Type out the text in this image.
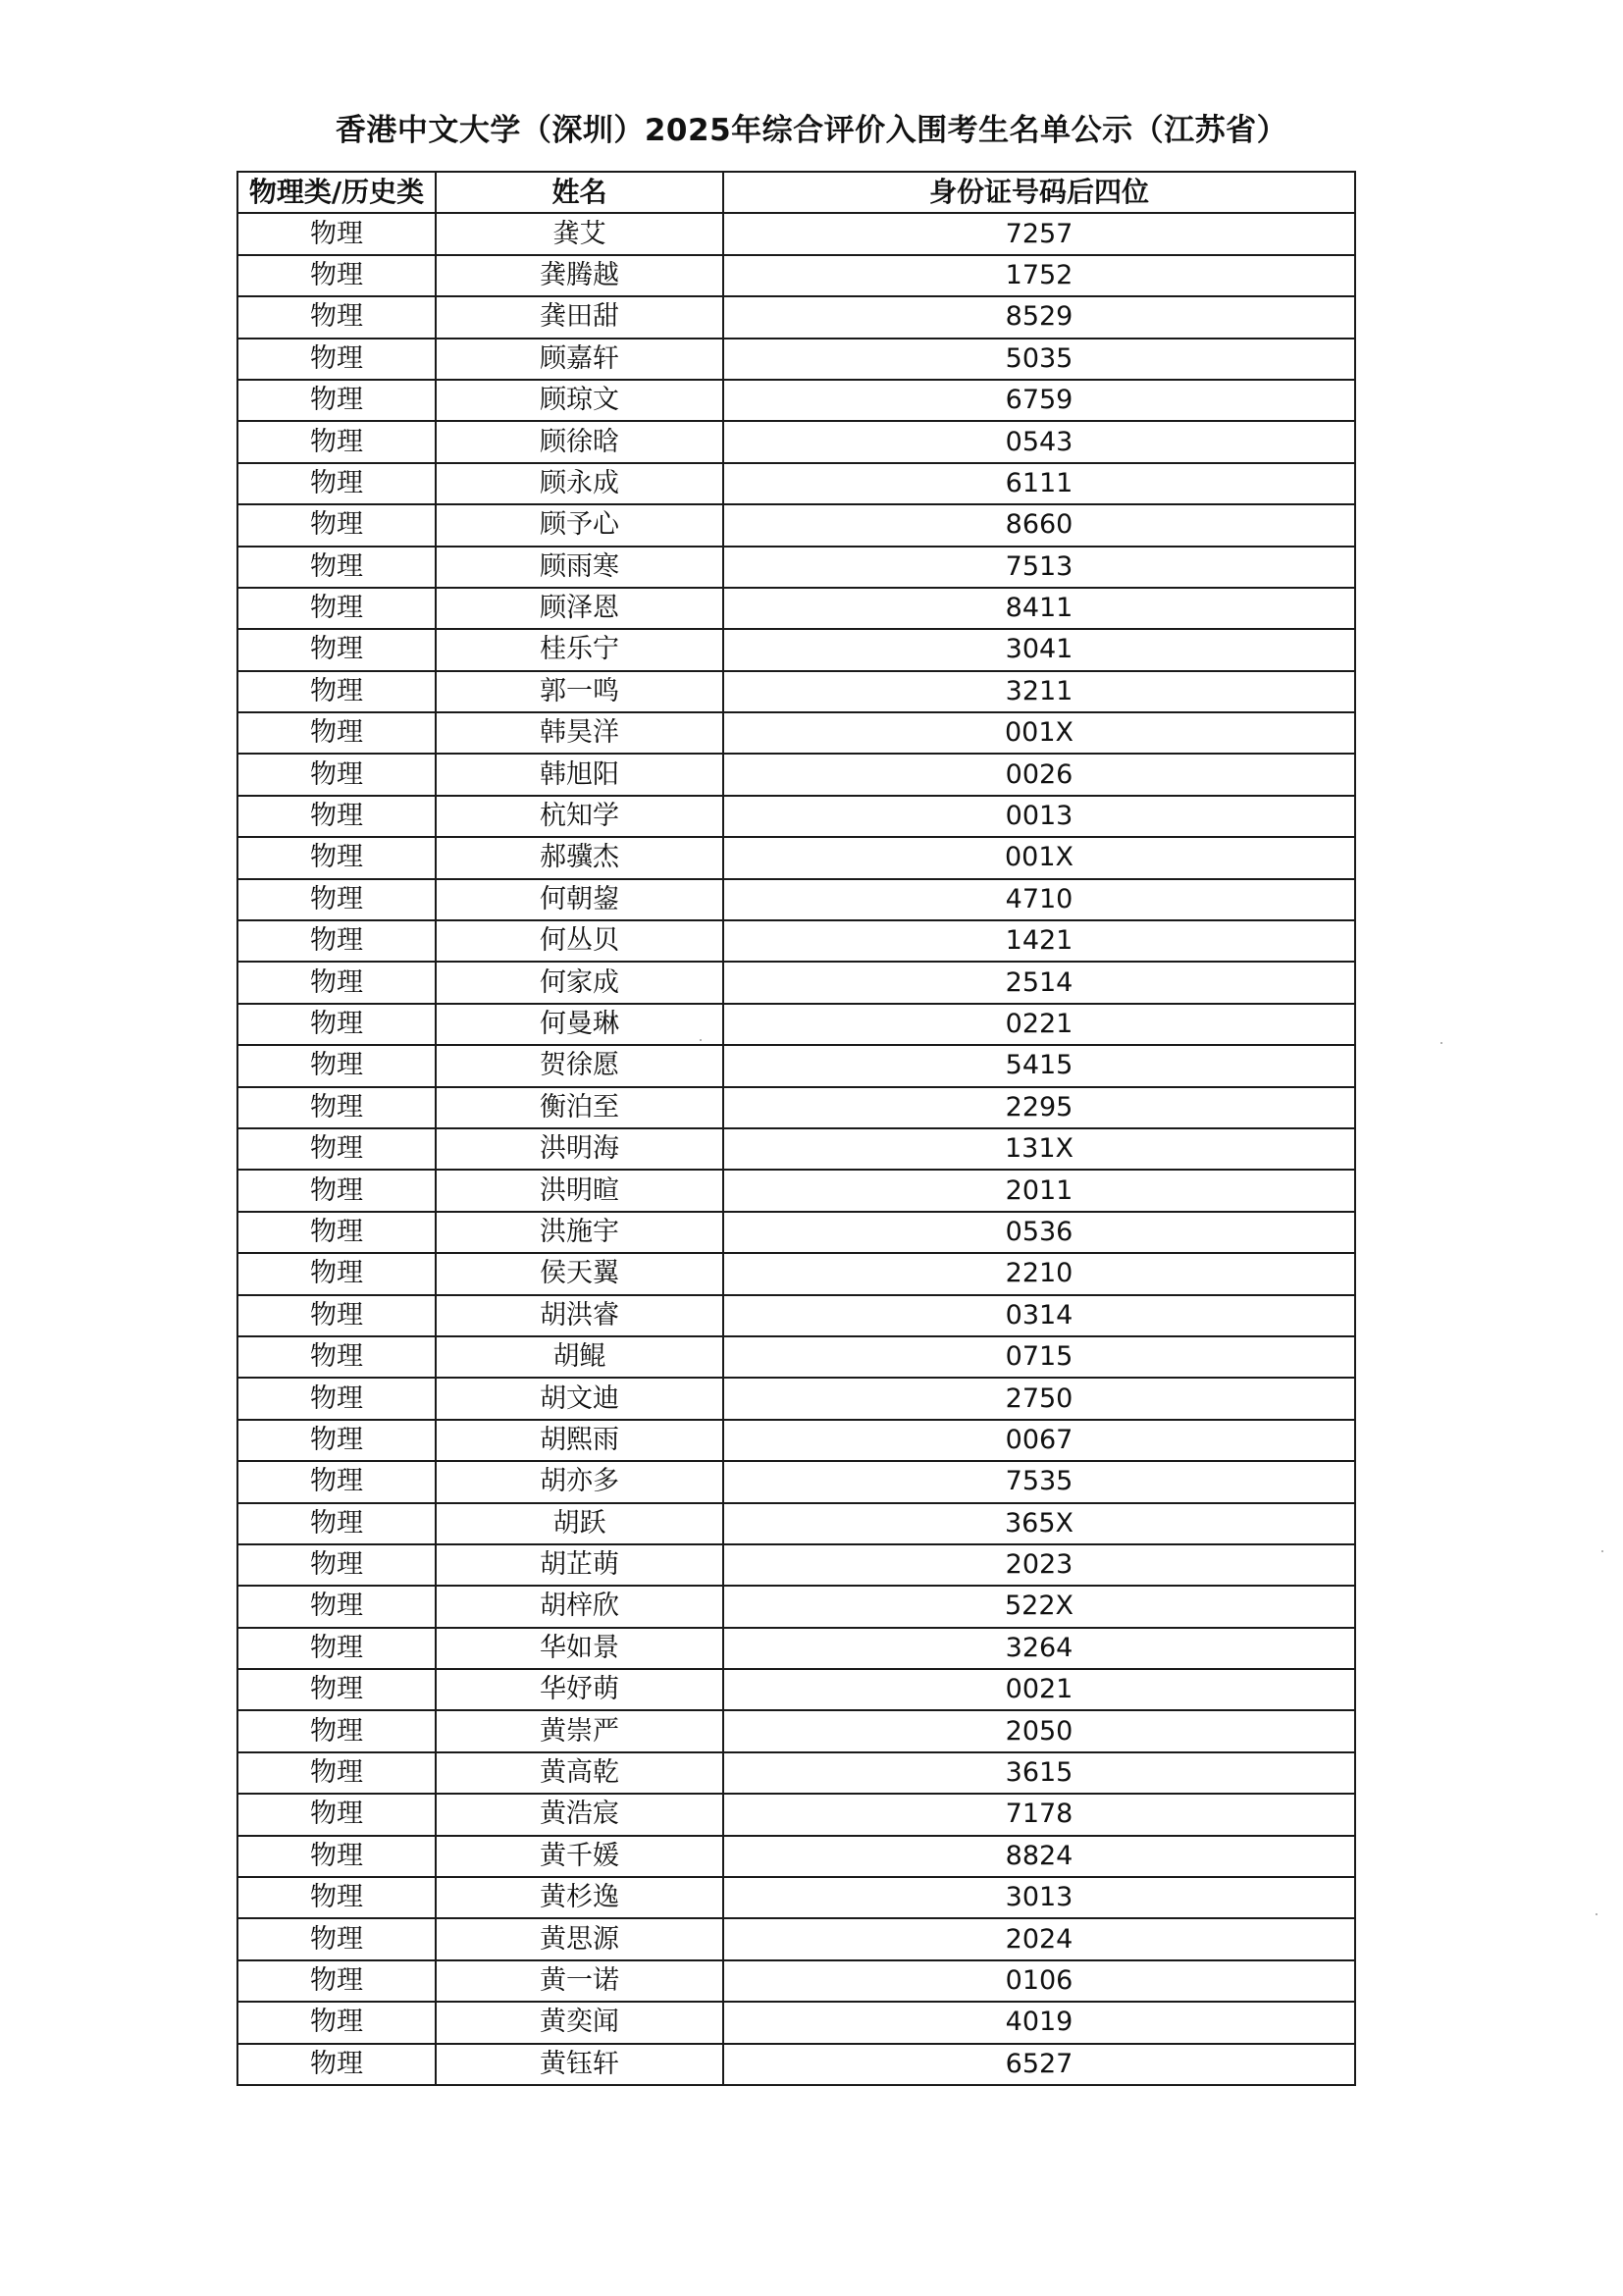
香港中文大学（深圳）2025年综合评价入围考生名单公示（江苏省）
物理类/历史类	姓名	身份证号码后四位
物理	龚艾	7257
物理	龚腾越	1752
物理	龚田甜	8529
物理	顾嘉轩	5035
物理	顾琼文	6759
物理	顾徐晗	0543
物理	顾永成	6111
物理	顾予心	8660
物理	顾雨寒	7513
物理	顾泽恩	8411
物理	桂乐宁	3041
物理	郭一鸣	3211
物理	韩昊洋	001X
物理	韩旭阳	0026
物理	杭知学	0013
物理	郝骥杰	001X
物理	何朝鋆	4710
物理	何丛贝	1421
物理	何家成	2514
物理	何曼琳	0221
物理	贺徐愿	5415
物理	衡泊至	2295
物理	洪明海	131X
物理	洪明暄	2011
物理	洪施宇	0536
物理	侯天翼	2210
物理	胡洪睿	0314
物理	胡鲲	0715
物理	胡文迪	2750
物理	胡熙雨	0067
物理	胡亦多	7535
物理	胡跃	365X
物理	胡芷萌	2023
物理	胡梓欣	522X
物理	华如景	3264
物理	华妤萌	0021
物理	黄崇严	2050
物理	黄高乾	3615
物理	黄浩宸	7178
物理	黄千媛	8824
物理	黄杉逸	3013
物理	黄思源	2024
物理	黄一诺	0106
物理	黄奕闻	4019
物理	黄钰轩	6527
